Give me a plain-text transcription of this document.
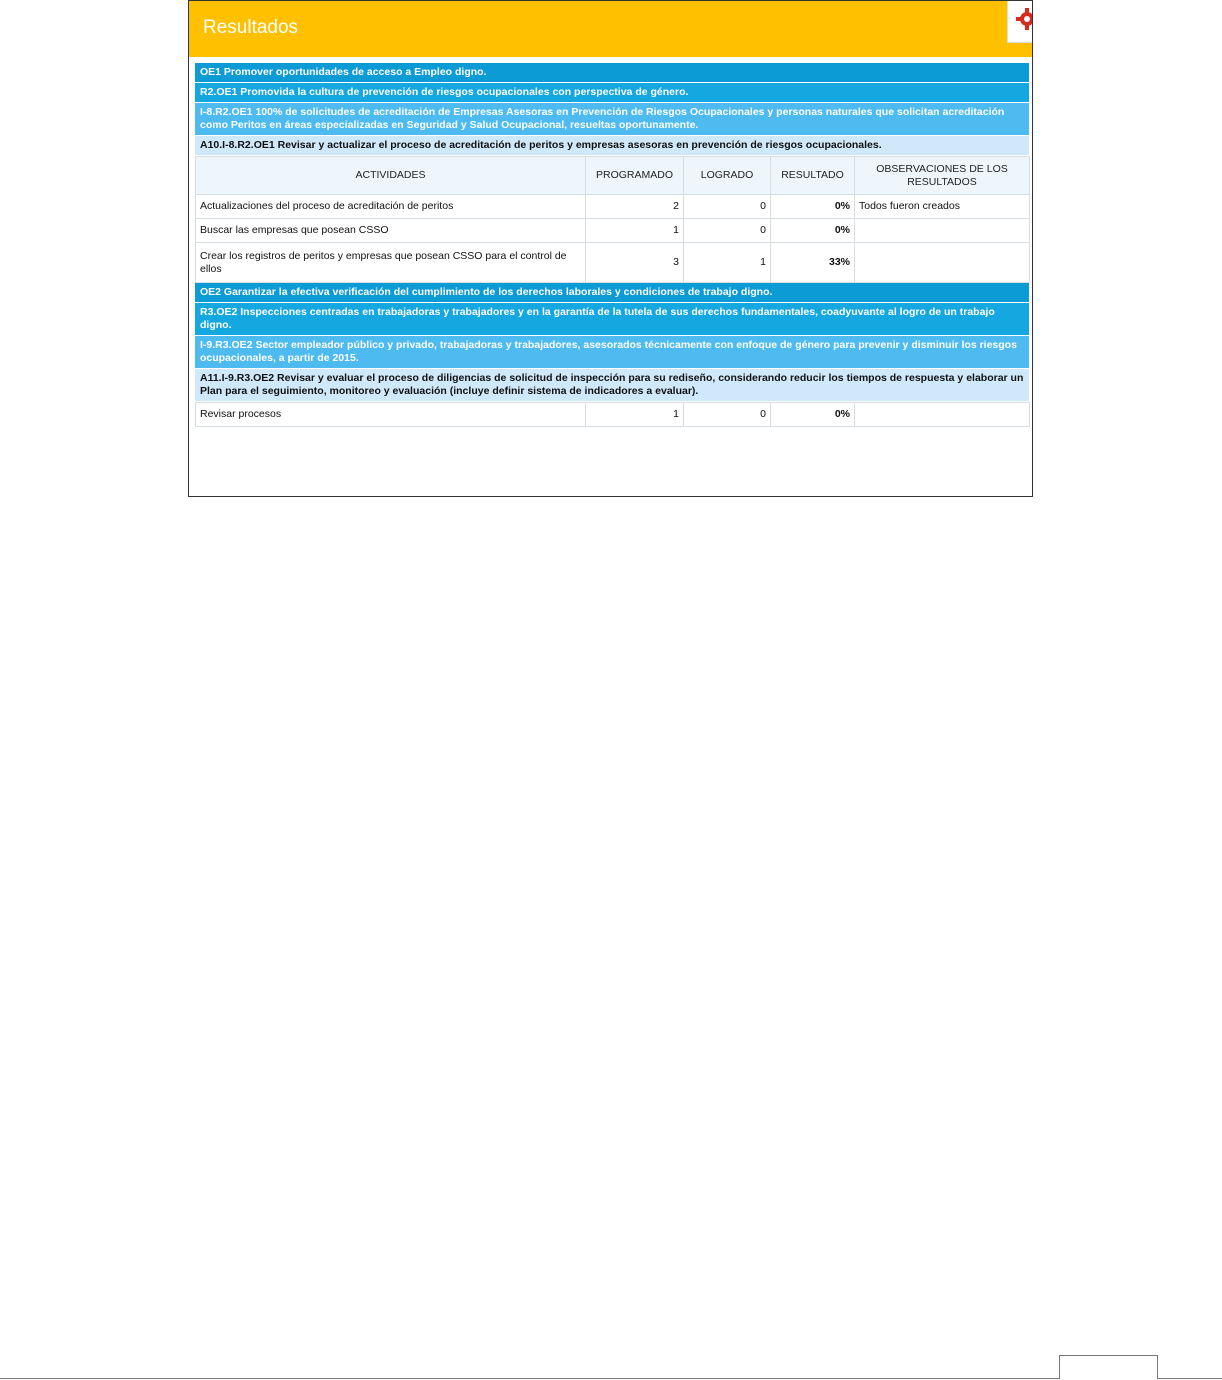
Resultados
OE1 Promover oportunidades de acceso a Empleo digno.
R2.OE1 Promovida la cultura de prevención de riesgos ocupacionales con perspectiva de género.
I-8.R2.OE1 100% de solicitudes de acreditación de Empresas Asesoras en Prevención de Riesgos Ocupacionales y personas naturales que solicitan acreditación como Peritos en áreas especializadas en Seguridad y Salud Ocupacional, resueltas oportunamente.
A10.I-8.R2.OE1 Revisar y actualizar el proceso de acreditación de peritos y empresas asesoras en prevención de riesgos ocupacionales.
ACTIVIDADES	PROGRAMADO	LOGRADO	RESULTADO	OBSERVACIONES DE LOS RESULTADOS
Actualizaciones del proceso de acreditación de peritos	2	0	0%	Todos fueron creados
Buscar las empresas que posean CSSO	1	0	0%	
Crear los registros de peritos y empresas que posean CSSO para el control de ellos	3	1	33%	
OE2 Garantizar la efectiva verificación del cumplimiento de los derechos laborales y condiciones de trabajo digno.
R3.OE2 Inspecciones centradas en trabajadoras y trabajadores y en la garantía de la tutela de sus derechos fundamentales, coadyuvante al logro de un trabajo digno.
I-9.R3.OE2 Sector empleador público y privado, trabajadoras y trabajadores, asesorados técnicamente con enfoque de género para prevenir y disminuir los riesgos ocupacionales, a partir de 2015.
A11.I-9.R3.OE2 Revisar y evaluar el proceso de diligencias de solicitud de inspección para su rediseño, considerando reducir los tiempos de respuesta y elaborar un Plan para el seguimiento, monitoreo y evaluación (incluye definir sistema de indicadores a evaluar).
Revisar procesos	1	0	0%	
